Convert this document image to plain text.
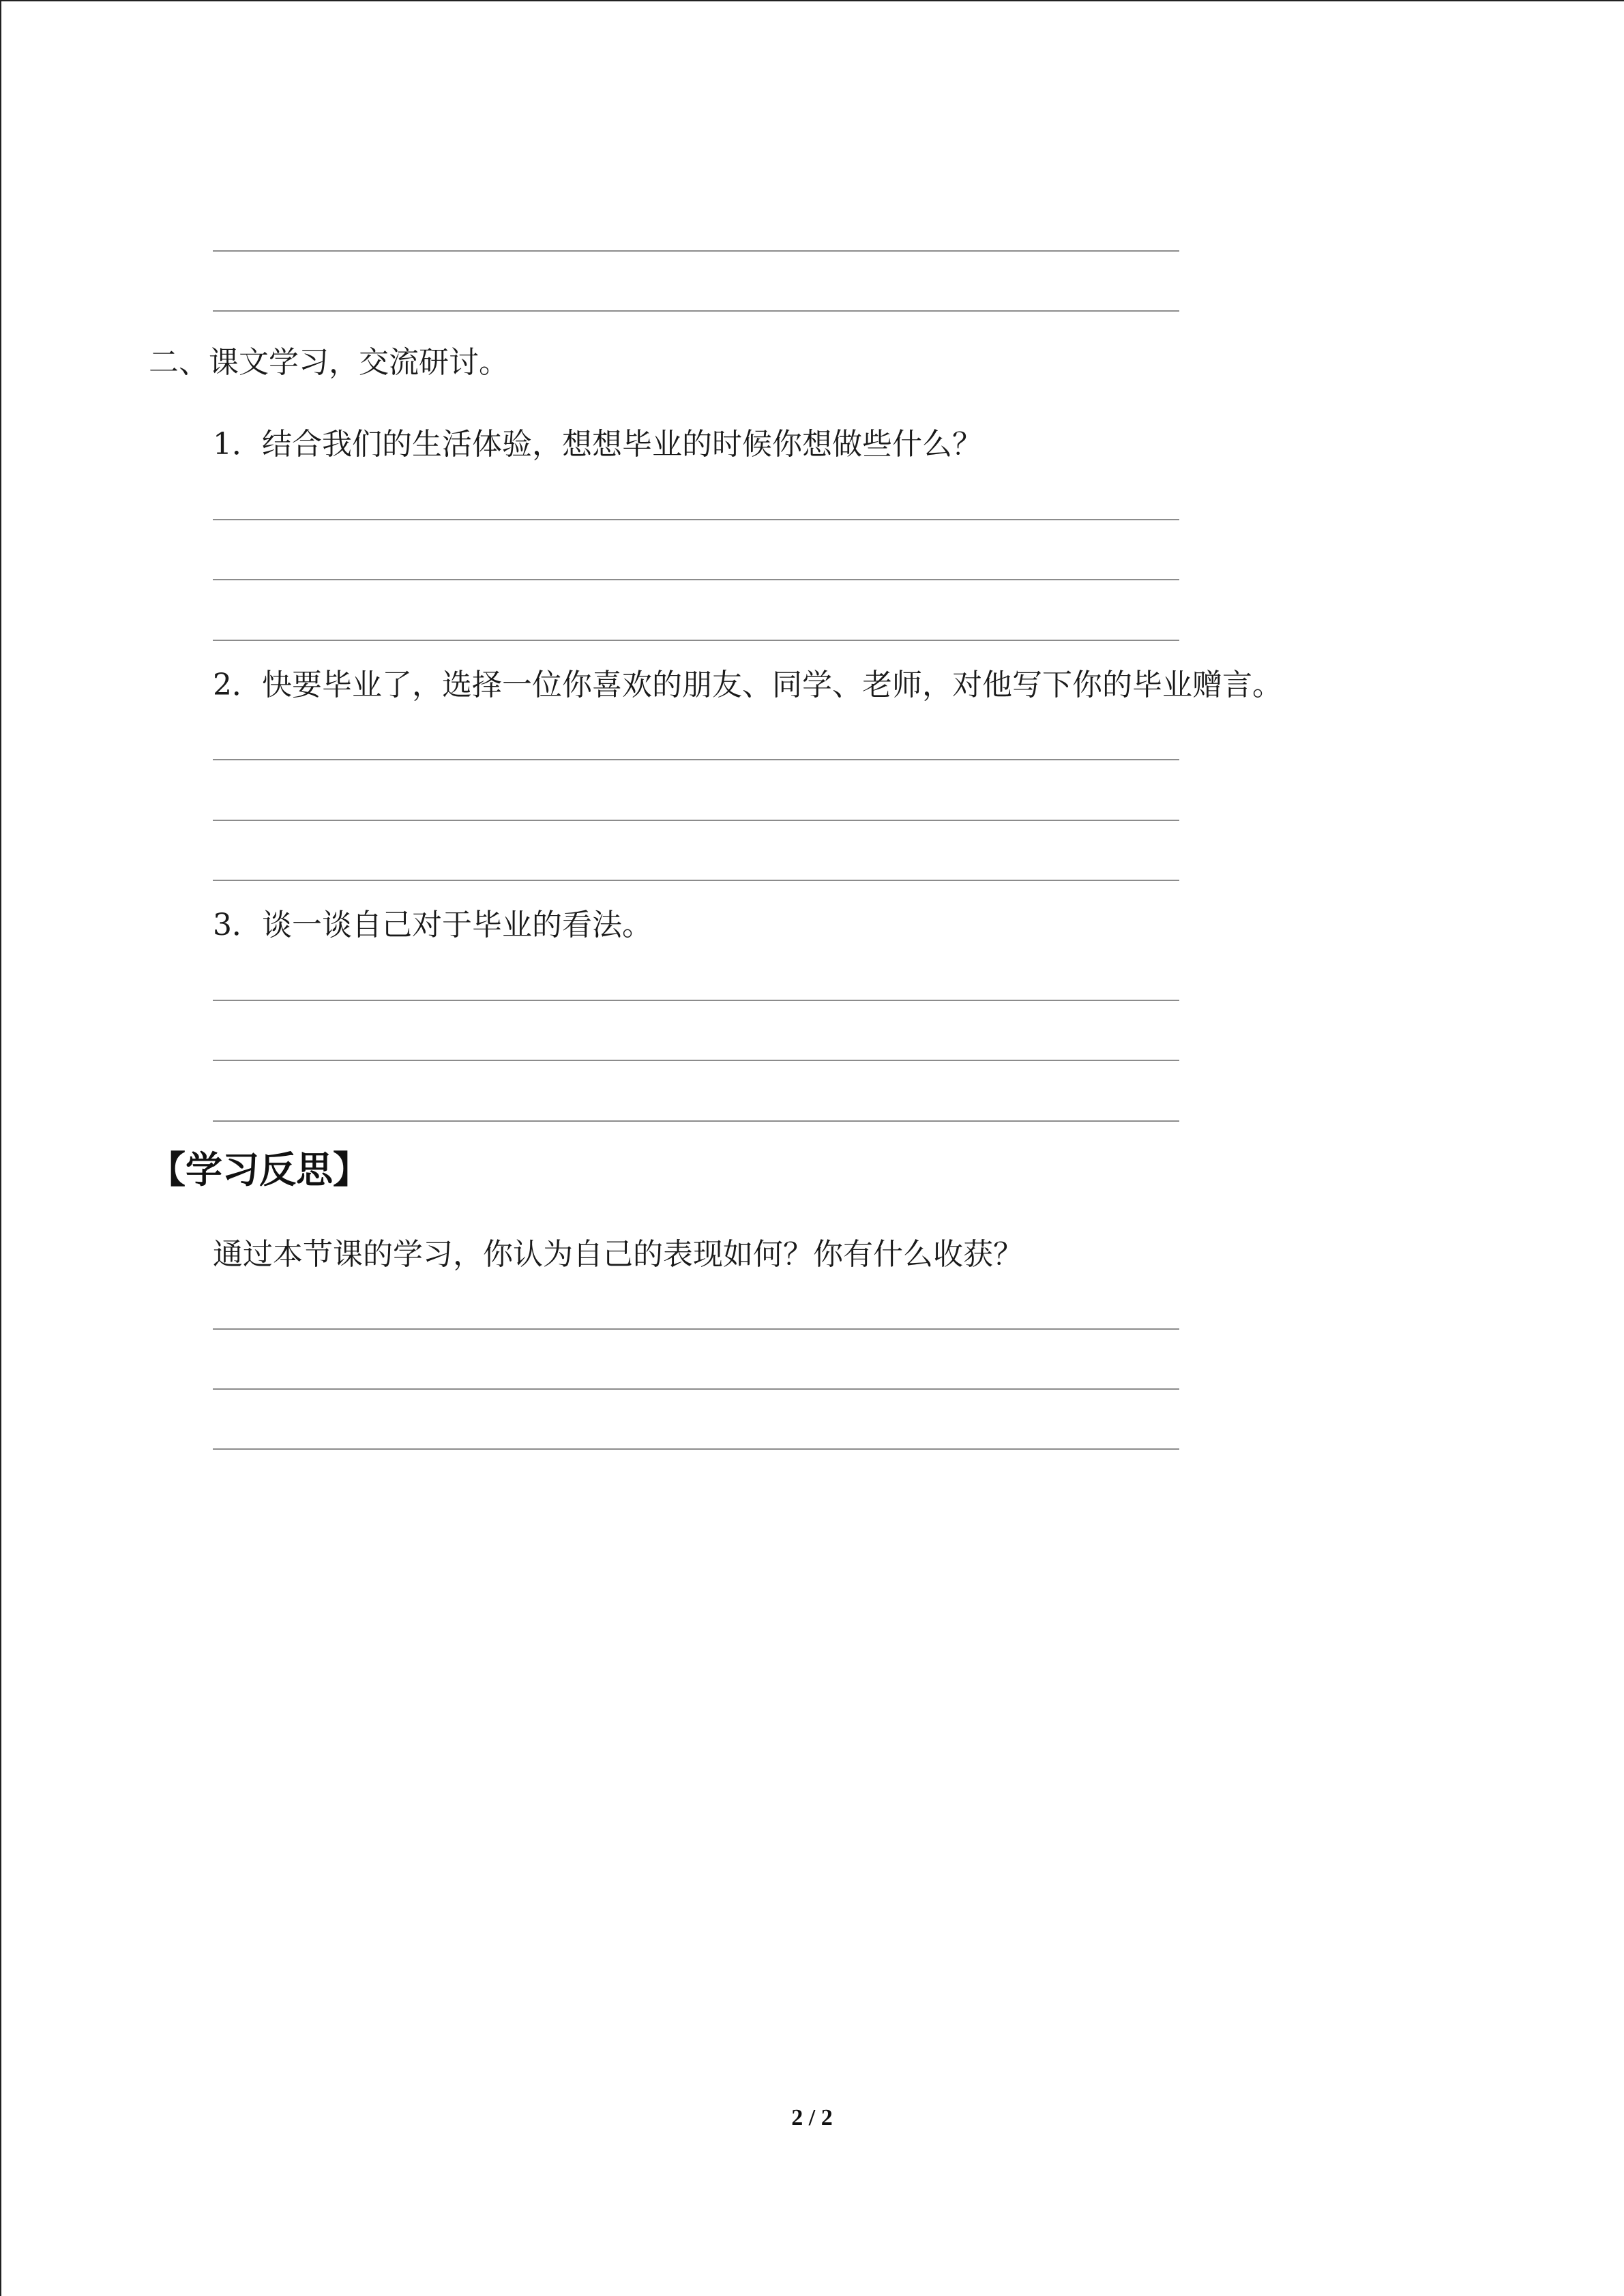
二、课文学习，交流研讨。
1．结合我们的生活体验，想想毕业的时候你想做些什么？
2．快要毕业了，选择一位你喜欢的朋友、同学、老师，对他写下你的毕业赠言。
3．谈一谈自己对于毕业的看法。
【学习反思】
通过本节课的学习，你认为自己的表现如何？你有什么收获？
2 / 2
